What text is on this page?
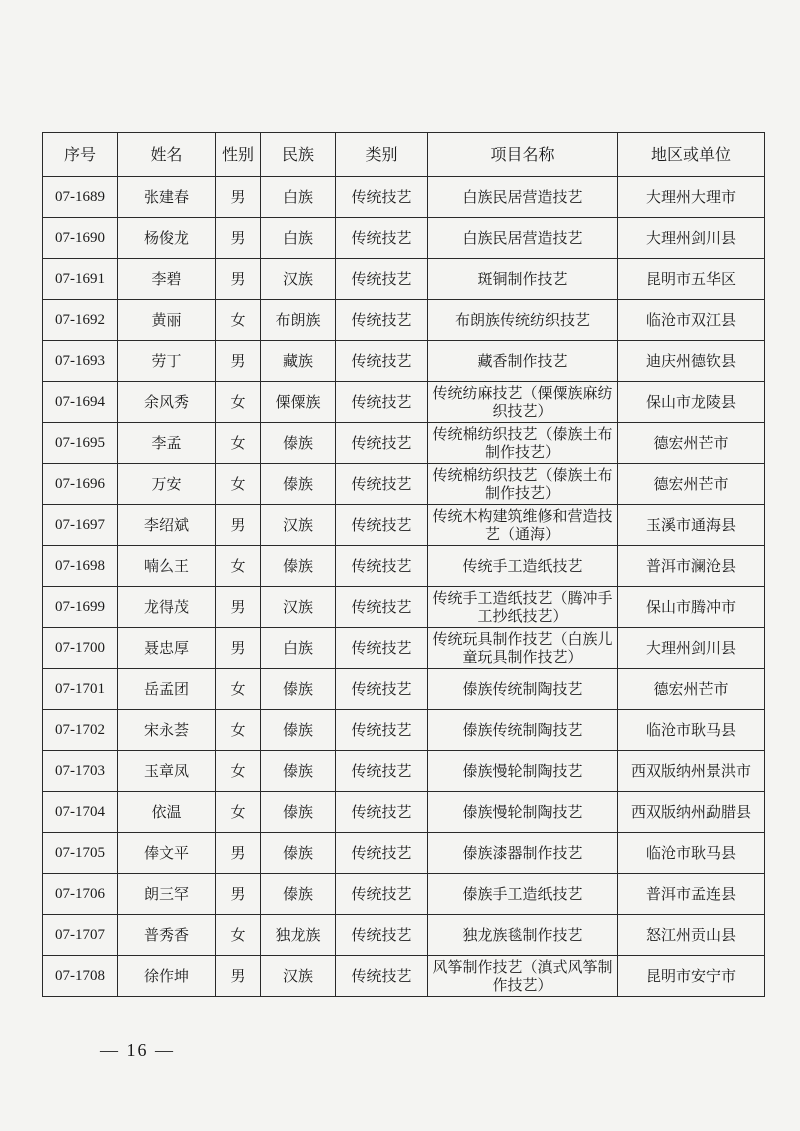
序号	姓名	性别	民族	类别	项目名称	地区或单位
07-1689	张建春	男	白族	传统技艺	白族民居营造技艺	大理州大理市
07-1690	杨俊龙	男	白族	传统技艺	白族民居营造技艺	大理州剑川县
07-1691	李碧	男	汉族	传统技艺	斑铜制作技艺	昆明市五华区
07-1692	黄丽	女	布朗族	传统技艺	布朗族传统纺织技艺	临沧市双江县
07-1693	劳丁	男	藏族	传统技艺	藏香制作技艺	迪庆州德钦县
07-1694	余风秀	女	傈僳族	传统技艺	传统纺麻技艺（傈僳族麻纺织技艺）	保山市龙陵县
07-1695	李孟	女	傣族	传统技艺	传统棉纺织技艺（傣族土布制作技艺）	德宏州芒市
07-1696	万安	女	傣族	传统技艺	传统棉纺织技艺（傣族土布制作技艺）	德宏州芒市
07-1697	李绍斌	男	汉族	传统技艺	传统木构建筑维修和营造技艺（通海）	玉溪市通海县
07-1698	喃么王	女	傣族	传统技艺	传统手工造纸技艺	普洱市澜沧县
07-1699	龙得茂	男	汉族	传统技艺	传统手工造纸技艺（腾冲手工抄纸技艺）	保山市腾冲市
07-1700	聂忠厚	男	白族	传统技艺	传统玩具制作技艺（白族儿童玩具制作技艺）	大理州剑川县
07-1701	岳孟团	女	傣族	传统技艺	傣族传统制陶技艺	德宏州芒市
07-1702	宋永荟	女	傣族	传统技艺	傣族传统制陶技艺	临沧市耿马县
07-1703	玉章凤	女	傣族	传统技艺	傣族慢轮制陶技艺	西双版纳州景洪市
07-1704	依温	女	傣族	传统技艺	傣族慢轮制陶技艺	西双版纳州勐腊县
07-1705	俸文平	男	傣族	传统技艺	傣族漆器制作技艺	临沧市耿马县
07-1706	朗三罕	男	傣族	传统技艺	傣族手工造纸技艺	普洱市孟连县
07-1707	普秀香	女	独龙族	传统技艺	独龙族毯制作技艺	怒江州贡山县
07-1708	徐作坤	男	汉族	传统技艺	风筝制作技艺（滇式风筝制作技艺）	昆明市安宁市
— 16 —
